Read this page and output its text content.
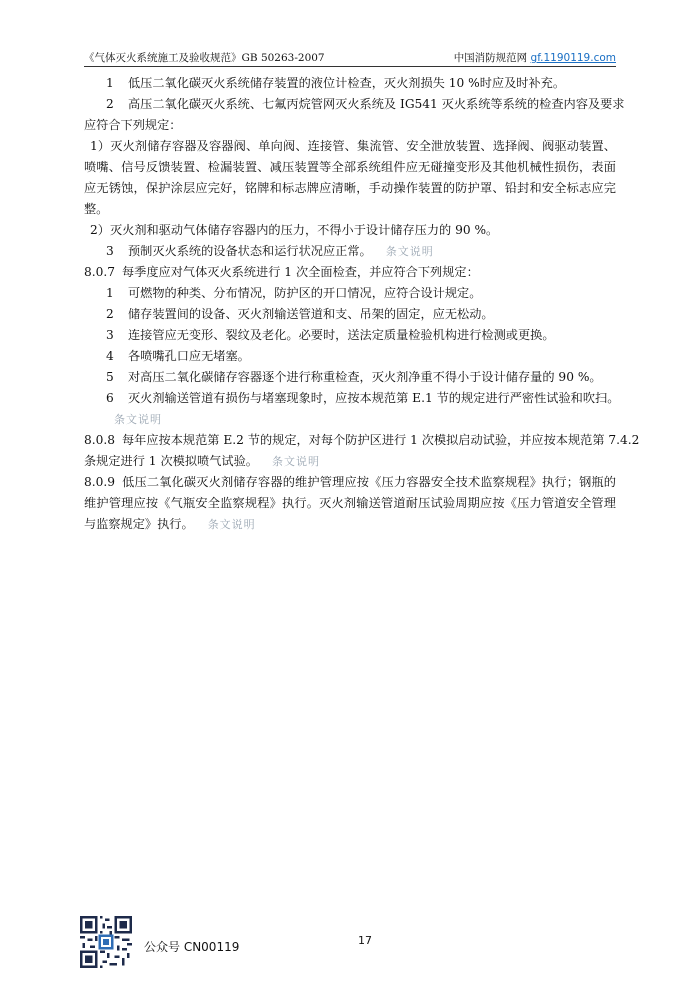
《气体灭火系统施工及验收规范》GB 50263-2007	中国消防规范网 gf.1190119.com
1 低压二氧化碳灭火系统储存装置的液位计检查，灭火剂损失 10 %时应及时补充。
2 高压二氧化碳灭火系统、七氟丙烷管网灭火系统及 IG541 灭火系统等系统的检查内容及要求
应符合下列规定：
1）灭火剂储存容器及容器阀、单向阀、连接管、集流管、安全泄放装置、选择阀、阀驱动装置、
喷嘴、信号反馈装置、检漏装置、减压装置等全部系统组件应无碰撞变形及其他机械性损伤，表面
应无锈蚀，保护涂层应完好，铭牌和标志牌应清晰，手动操作装置的防护罩、铅封和安全标志应完
整。
2）灭火剂和驱动气体储存容器内的压力，不得小于设计储存压力的 90 %。
3 预制灭火系统的设备状态和运行状况应正常。 条文说明
8.0.7 每季度应对气体灭火系统进行 1 次全面检查，并应符合下列规定：
1 可燃物的种类、分布情况，防护区的开口情况，应符合设计规定。
2 储存装置间的设备、灭火剂输送管道和支、吊架的固定，应无松动。
3 连接管应无变形、裂纹及老化。必要时，送法定质量检验机构进行检测或更换。
4 各喷嘴孔口应无堵塞。
5 对高压二氧化碳储存容器逐个进行称重检查，灭火剂净重不得小于设计储存量的 90 %。
6 灭火剂输送管道有损伤与堵塞现象时，应按本规范第 E.1 节的规定进行严密性试验和吹扫。
条文说明
8.0.8 每年应按本规范第 E.2 节的规定，对每个防护区进行 1 次模拟启动试验，并应按本规范第 7.4.2
条规定进行 1 次模拟喷气试验。 条文说明
8.0.9 低压二氧化碳灭火剂储存容器的维护管理应按《压力容器安全技术监察规程》执行；钢瓶的
维护管理应按《气瓶安全监察规程》执行。灭火剂输送管道耐压试验周期应按《压力管道安全管理
与监察规定》执行。 条文说明
公众号 CN00119	17
